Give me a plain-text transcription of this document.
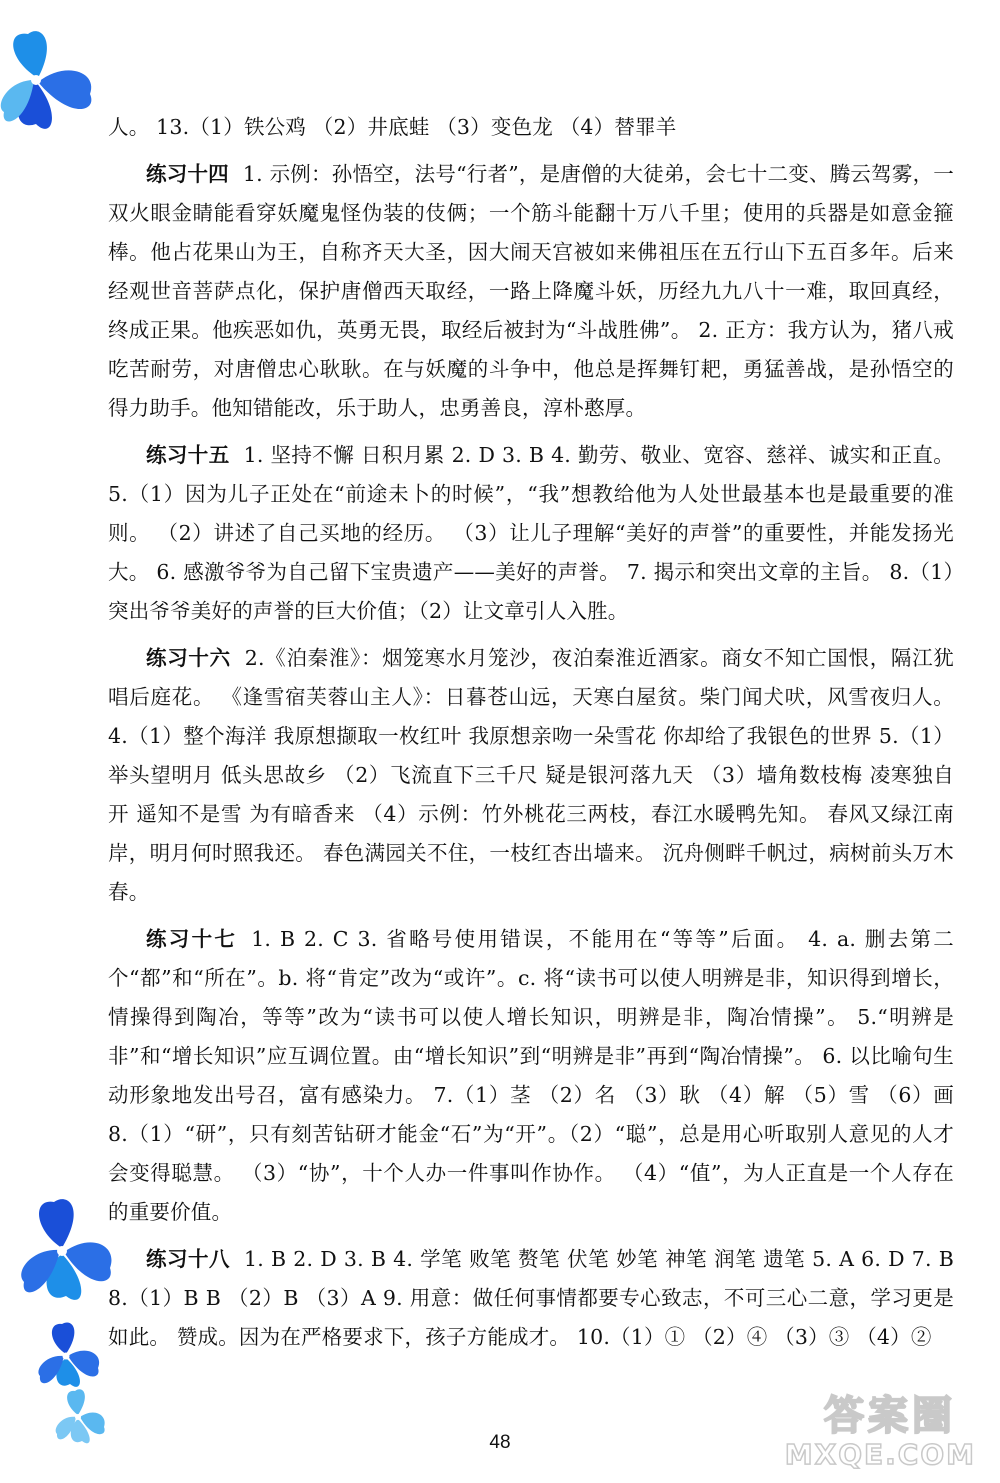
人。 13.（1）铁公鸡 （2）井底蛙 （3）变色龙 （4）替罪羊
练习十四 1. 示例：孙悟空，法号“行者”，是唐僧的大徒弟，会七十二变、腾云驾雾，一双火眼金睛能看穿妖魔鬼怪伪装的伎俩；一个筋斗能翻十万八千里；使用的兵器是如意金箍棒。他占花果山为王，自称齐天大圣，因大闹天宫被如来佛祖压在五行山下五百多年。后来经观世音菩萨点化，保护唐僧西天取经，一路上降魔斗妖，历经九九八十一难，取回真经，终成正果。他疾恶如仇，英勇无畏，取经后被封为“斗战胜佛”。 2. 正方：我方认为，猪八戒吃苦耐劳，对唐僧忠心耿耿。在与妖魔的斗争中，他总是挥舞钉耙，勇猛善战，是孙悟空的得力助手。他知错能改，乐于助人，忠勇善良，淳朴憨厚。
练习十五 1. 坚持不懈 日积月累 2. D 3. B 4. 勤劳、敬业、宽容、慈祥、诚实和正直。 5.（1）因为儿子正处在“前途未卜的时候”，“我”想教给他为人处世最基本也是最重要的准则。 （2）讲述了自己买地的经历。 （3）让儿子理解“美好的声誉”的重要性，并能发扬光大。 6. 感激爷爷为自己留下宝贵遗产——美好的声誉。 7. 揭示和突出文章的主旨。 8.（1）突出爷爷美好的声誉的巨大价值；（2）让文章引人入胜。
练习十六 2.《泊秦淮》：烟笼寒水月笼沙，夜泊秦淮近酒家。商女不知亡国恨，隔江犹唱后庭花。 《逢雪宿芙蓉山主人》：日暮苍山远，天寒白屋贫。柴门闻犬吠，风雪夜归人。 4.（1）整个海洋 我原想撷取一枚红叶 我原想亲吻一朵雪花 你却给了我银色的世界 5.（1）举头望明月 低头思故乡 （2）飞流直下三千尺 疑是银河落九天 （3）墙角数枝梅 凌寒独自开 遥知不是雪 为有暗香来 （4）示例：竹外桃花三两枝，春江水暖鸭先知。 春风又绿江南岸，明月何时照我还。 春色满园关不住，一枝红杏出墙来。 沉舟侧畔千帆过，病树前头万木春。
练习十七 1. B 2. C 3. 省略号使用错误，不能用在“等等”后面。 4. a. 删去第二个“都”和“所在”。b. 将“肯定”改为“或许”。c. 将“读书可以使人明辨是非，知识得到增长，情操得到陶冶，等等”改为“读书可以使人增长知识，明辨是非，陶冶情操”。 5.“明辨是非”和“增长知识”应互调位置。由“增长知识”到“明辨是非”再到“陶冶情操”。 6. 以比喻句生动形象地发出号召，富有感染力。 7.（1）茎 （2）名 （3）耿 （4）解 （5）雪 （6）画 8.（1）“研”，只有刻苦钻研才能金“石”为“开”。（2）“聪”，总是用心听取别人意见的人才会变得聪慧。 （3）“协”，十个人办一件事叫作协作。 （4）“值”，为人正直是一个人存在的重要价值。
练习十八 1. B 2. D 3. B 4. 学笔 败笔 赘笔 伏笔 妙笔 神笔 润笔 遗笔 5. A 6. D 7. B 8.（1）B B （2）B （3）A 9. 用意：做任何事情都要专心致志，不可三心二意，学习更是如此。 赞成。因为在严格要求下，孩子方能成才。 10.（1）① （2）④ （3）③ （4）②
48
答案圈
MXQE.COM
